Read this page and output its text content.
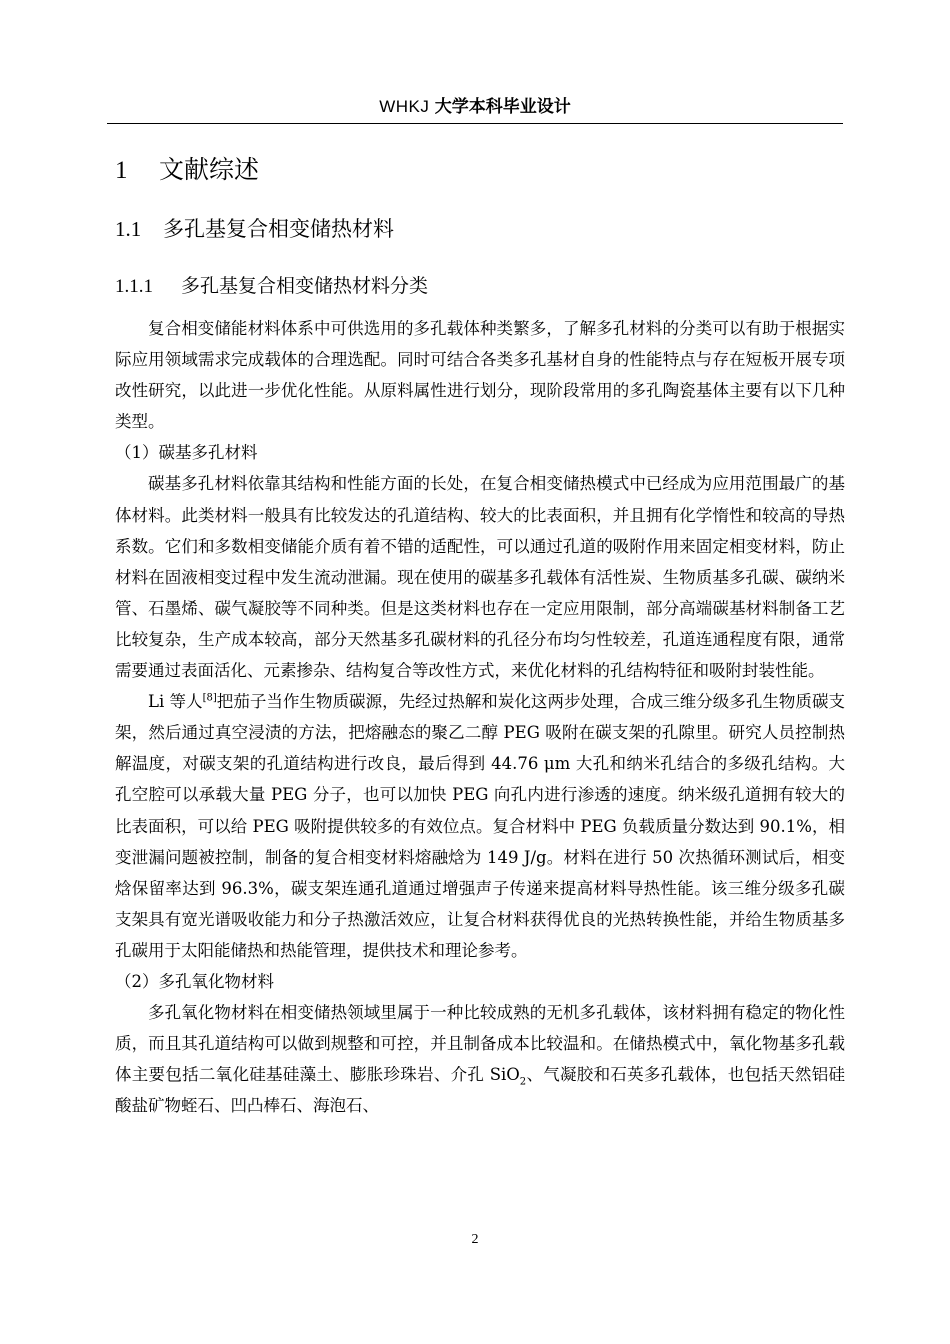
WHKJ 大学本科毕业设计
1 文献综述
1.1 多孔基复合相变储热材料
1.1.1 多孔基复合相变储热材料分类

复合相变储能材料体系中可供选用的多孔载体种类繁多，了解多孔材料的分类可以有助于根据实际应用领域需求完成载体的合理选配。同时可结合各类多孔基材自身的性能特点与存在短板开展专项改性研究，以此进一步优化性能。从原料属性进行划分，现阶段常用的多孔陶瓷基体主要有以下几种类型。

（1）碳基多孔材料

碳基多孔材料依靠其结构和性能方面的长处，在复合相变储热模式中已经成为应用范围最广的基体材料。此类材料一般具有比较发达的孔道结构、较大的比表面积，并且拥有化学惰性和较高的导热系数。它们和多数相变储能介质有着不错的适配性，可以通过孔道的吸附作用来固定相变材料，防止材料在固液相变过程中发生流动泄漏。现在使用的碳基多孔载体有活性炭、生物质基多孔碳、碳纳米管、石墨烯、碳气凝胶等不同种类。但是这类材料也存在一定应用限制，部分高端碳基材料制备工艺比较复杂，生产成本较高，部分天然基多孔碳材料的孔径分布均匀性较差，孔道连通程度有限，通常需要通过表面活化、元素掺杂、结构复合等改性方式，来优化材料的孔结构特征和吸附封装性能。

Li 等人[8]把茄子当作生物质碳源，先经过热解和炭化这两步处理，合成三维分级多孔生物质碳支架，然后通过真空浸渍的方法，把熔融态的聚乙二醇 PEG 吸附在碳支架的孔隙里。研究人员控制热解温度，对碳支架的孔道结构进行改良，最后得到 44.76 μm 大孔和纳米孔结合的多级孔结构。大孔空腔可以承载大量 PEG 分子，也可以加快 PEG 向孔内进行渗透的速度。纳米级孔道拥有较大的比表面积，可以给 PEG 吸附提供较多的有效位点。复合材料中 PEG 负载质量分数达到 90.1%，相变泄漏问题被控制，制备的复合相变材料熔融焓为 149 J/g。材料在进行 50 次热循环测试后，相变焓保留率达到 96.3%，碳支架连通孔道通过增强声子传递来提高材料导热性能。该三维分级多孔碳支架具有宽光谱吸收能力和分子热激活效应，让复合材料获得优良的光热转换性能，并给生物质基多孔碳用于太阳能储热和热能管理，提供技术和理论参考。

（2）多孔氧化物材料

多孔氧化物材料在相变储热领域里属于一种比较成熟的无机多孔载体，该材料拥有稳定的物化性质，而且其孔道结构可以做到规整和可控，并且制备成本比较温和。在储热模式中，氧化物基多孔载体主要包括二氧化硅基硅藻土、膨胀珍珠岩、介孔 SiO$_2$、气凝胶和石英多孔载体，也包括天然铝硅酸盐矿物蛭石、凹凸棒石、海泡石、

2
